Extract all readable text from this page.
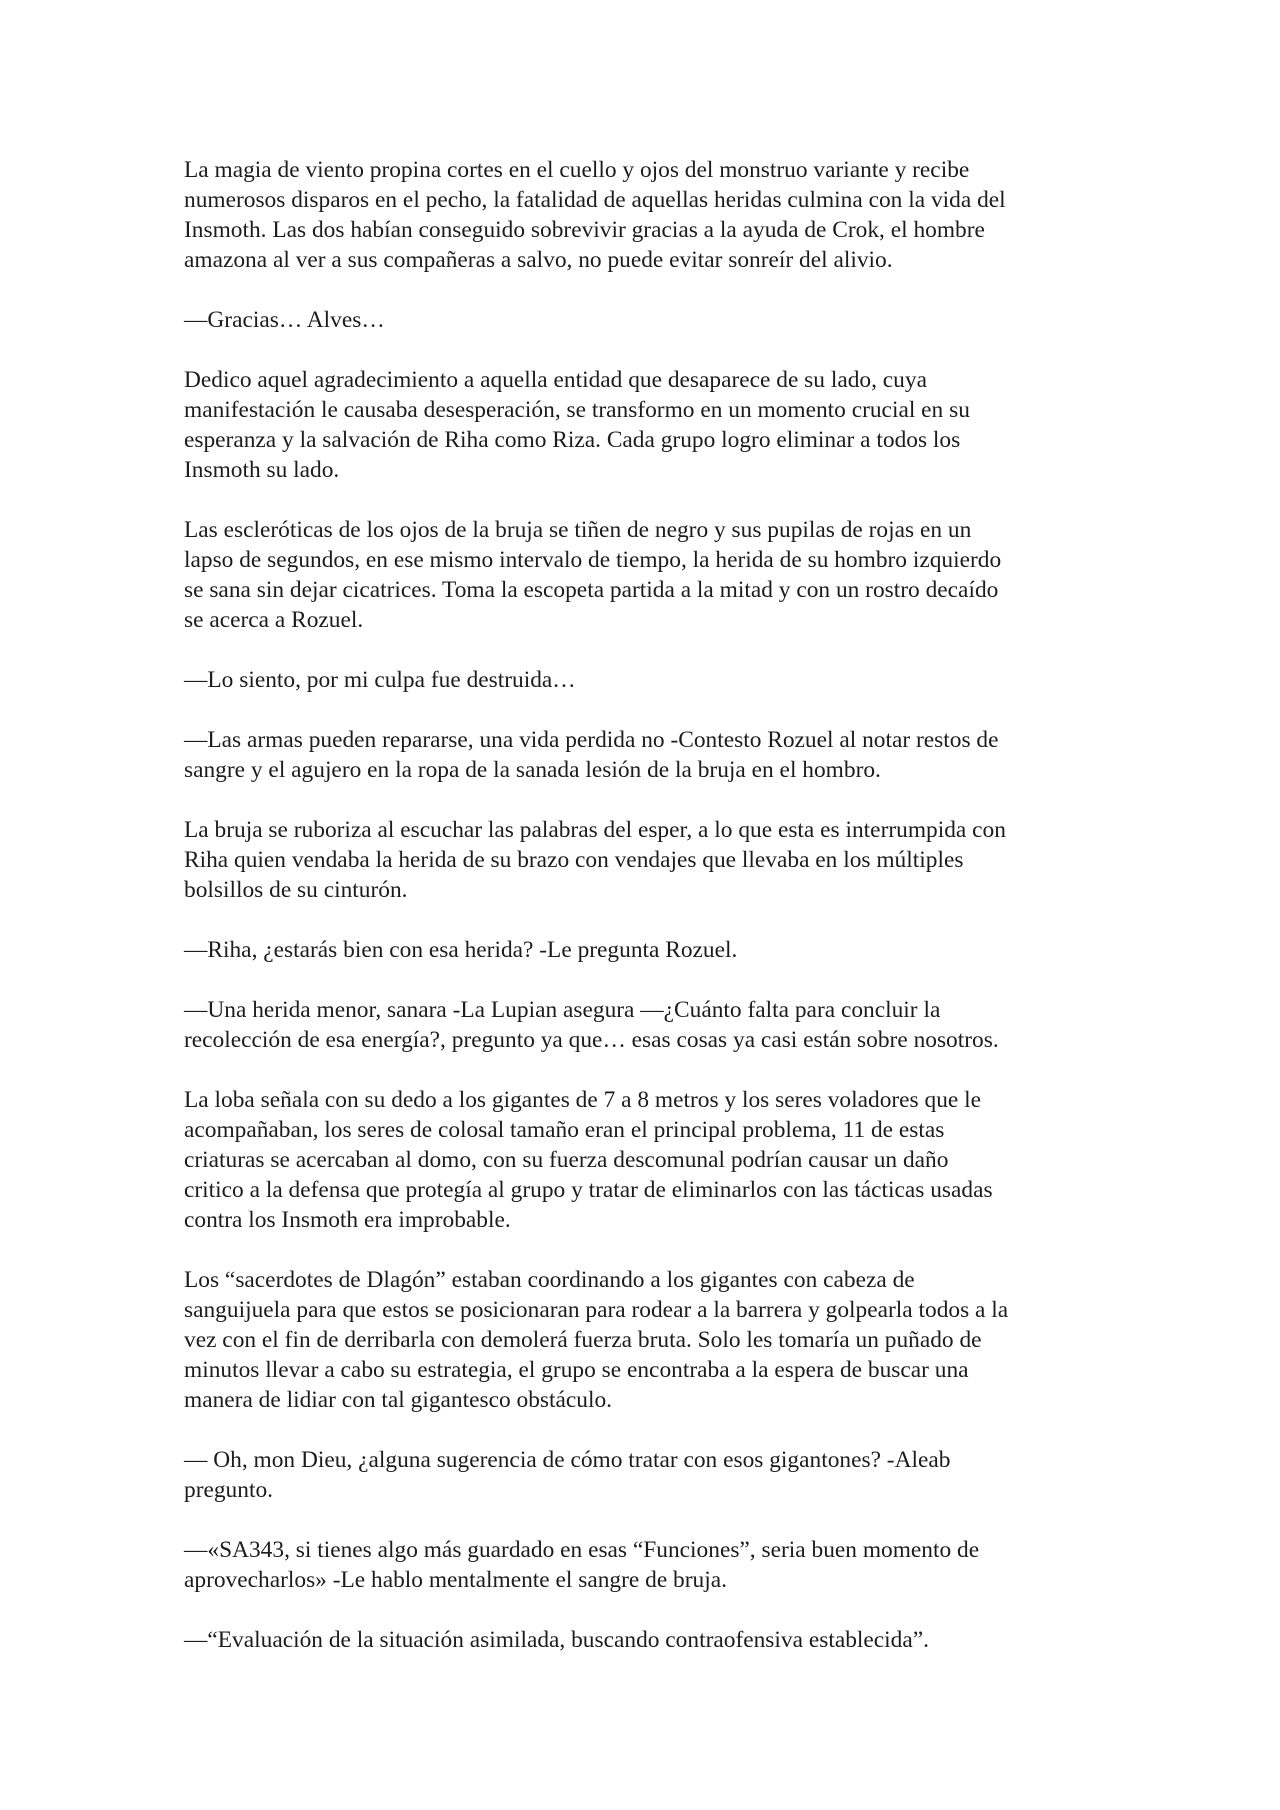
La magia de viento propina cortes en el cuello y ojos del monstruo variante y recibe
numerosos disparos en el pecho, la fatalidad de aquellas heridas culmina con la vida del
Insmoth. Las dos habían conseguido sobrevivir gracias a la ayuda de Crok, el hombre
amazona al ver a sus compañeras a salvo, no puede evitar sonreír del alivio.

—Gracias… Alves…

Dedico aquel agradecimiento a aquella entidad que desaparece de su lado, cuya
manifestación le causaba desesperación, se transformo en un momento crucial en su
esperanza y la salvación de Riha como Riza. Cada grupo logro eliminar a todos los
Insmoth su lado.

Las escleróticas de los ojos de la bruja se tiñen de negro y sus pupilas de rojas en un
lapso de segundos, en ese mismo intervalo de tiempo, la herida de su hombro izquierdo
se sana sin dejar cicatrices. Toma la escopeta partida a la mitad y con un rostro decaído
se acerca a Rozuel.

—Lo siento, por mi culpa fue destruida…

—Las armas pueden repararse, una vida perdida no -Contesto Rozuel al notar restos de
sangre y el agujero en la ropa de la sanada lesión de la bruja en el hombro.

La bruja se ruboriza al escuchar las palabras del esper, a lo que esta es interrumpida con
Riha quien vendaba la herida de su brazo con vendajes que llevaba en los múltiples
bolsillos de su cinturón.

—Riha, ¿estarás bien con esa herida? -Le pregunta Rozuel.

—Una herida menor, sanara -La Lupian asegura —¿Cuánto falta para concluir la
recolección de esa energía?, pregunto ya que… esas cosas ya casi están sobre nosotros.

La loba señala con su dedo a los gigantes de 7 a 8 metros y los seres voladores que le
acompañaban, los seres de colosal tamaño eran el principal problema, 11 de estas
criaturas se acercaban al domo, con su fuerza descomunal podrían causar un daño
critico a la defensa que protegía al grupo y tratar de eliminarlos con las tácticas usadas
contra los Insmoth era improbable.

Los “sacerdotes de Dlagón” estaban coordinando a los gigantes con cabeza de
sanguijuela para que estos se posicionaran para rodear a la barrera y golpearla todos a la
vez con el fin de derribarla con demolerá fuerza bruta. Solo les tomaría un puñado de
minutos llevar a cabo su estrategia, el grupo se encontraba a la espera de buscar una
manera de lidiar con tal gigantesco obstáculo.

— Oh, mon Dieu, ¿alguna sugerencia de cómo tratar con esos gigantones? -Aleab
pregunto.

—«SA343, si tienes algo más guardado en esas “Funciones”, seria buen momento de
aprovecharlos» -Le hablo mentalmente el sangre de bruja.

—“Evaluación de la situación asimilada, buscando contraofensiva establecida”.
